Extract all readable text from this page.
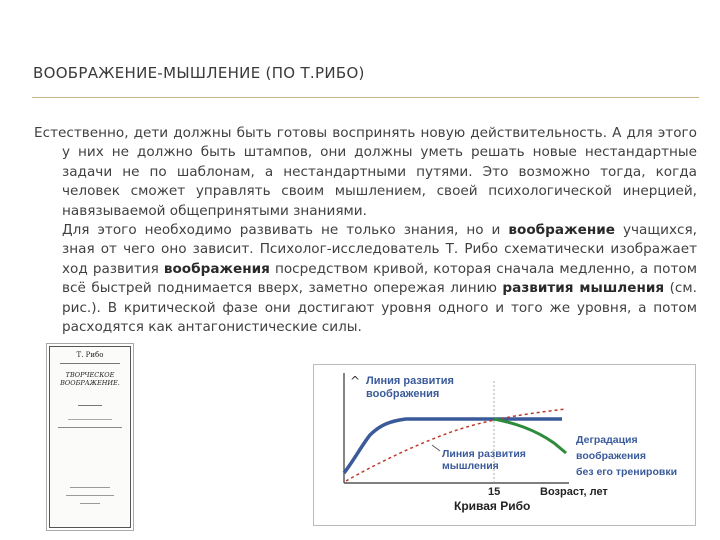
ВООБРАЖЕНИЕ-МЫШЛЕНИЕ (ПО Т.РИБО)

Естественно, дети должны быть готовы воспринять новую действительность. А для этого у них не должно быть штампов, они должны уметь решать новые нестандартные задачи не по шаблонам, а нестандартными путями. Это возможно тогда, когда человек сможет управлять своим мышлением, своей психологической инерцией, навязываемой общепринятыми знаниями.

Для этого необходимо развивать не только знания, но и воображение учащихся, зная от чего оно зависит. Психолог-исследователь Т. Рибо схематически изображает ход развития воображения посредством кривой, которая сначала медленно, а потом всё быстрей поднимается вверх, заметно опережая линию развития мышления (см. рис.). В критической фазе они достигают уровня одного и того же уровня, а потом расходятся как антагонистические силы.

Т. Рибо
ТВОРЧЕСКОЕ ВООБРАЖЕНИЕ.	^
15	Возраст, лет
Кривая Рибо
Линия развития
воображения
Линия развития
мышления
Деградация
воображения
без его тренировки
